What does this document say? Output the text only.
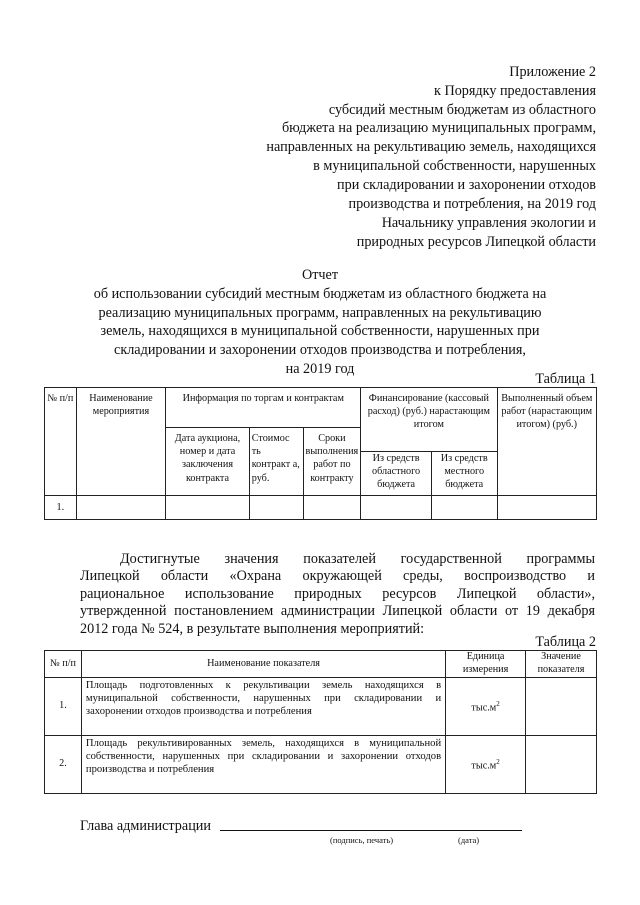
Приложение 2
к Порядку предоставления
субсидий местным бюджетам из областного
бюджета на реализацию муниципальных программ,
направленных на рекультивацию земель, находящихся
в муниципальной собственности, нарушенных
при складировании и захоронении отходов
производства и потребления, на 2019 год
Начальнику управления экологии и
природных ресурсов Липецкой области
Отчет
об использовании субсидий местным бюджетам из областного бюджета на
реализацию муниципальных программ, направленных на рекультивацию
земель, находящихся в муниципальной собственности, нарушенных при
складировании и захоронении отходов производства и потребления,
на 2019 год
Таблица 1
№ п/п	Наименование мероприятия	Информация по торгам и контрактам			Финансирование (кассовый расход) (руб.) нарастающим итогом		Выполненный объем работ (нарастающим итогом) (руб.)
		Дата аукциона, номер и дата заключения контракта	Стоимос ть контракт а, руб.	Сроки выполнения работ по контракту			
					Из средств областного бюджета	Из средств местного бюджета	
1.							
Достигнутые значения показателей государственной программы
Липецкой области «Охрана окружающей среды, воспроизводство и
рациональное использование природных ресурсов Липецкой области»,
утвержденной постановлением администрации Липецкой области от 19 декабря
2012 года № 524, в результате выполнения мероприятий:
Таблица 2
№ п/п	Наименование показателя	Единица измерения	Значение показателя
1.	Площадь подготовленных к рекультивации земель находящихся в муниципальной собственности, нарушенных при складировании и захоронении отходов производства и потребления	$тыс.м^2$	
2.	Площадь рекультивированных земель, находящихся в муниципальной собственности, нарушенных при складировании и захоронении отходов производства и потребления	$тыс.м^2$	
Глава администрации
(подпись, печать)	(дата)
